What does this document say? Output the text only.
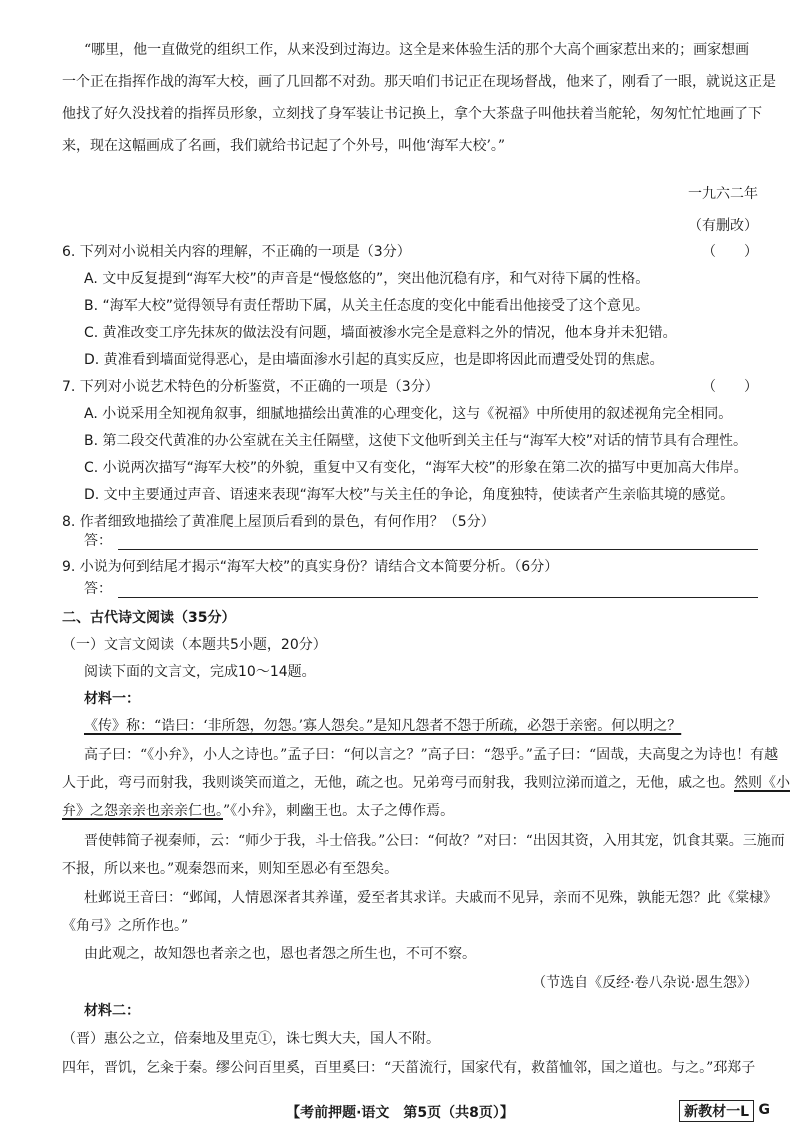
“哪里，他一直做党的组织工作，从来没到过海边。这全是来体验生活的那个大高个画家惹出来的；画家想画

一个正在指挥作战的海军大校，画了几回都不对劲。那天咱们书记正在现场督战，他来了，刚看了一眼，就说这正是

他找了好久没找着的指挥员形象，立刻找了身军装让书记换上，拿个大茶盘子叫他扶着当舵轮，匆匆忙忙地画了下

来，现在这幅画成了名画，我们就给书记起了个外号，叫他‘海军大校’。”

一九六二年

（有删改）

6. 下列对小说相关内容的理解，不正确的一项是（3分）	（　　）

A. 文中反复提到“海军大校”的声音是“慢悠悠的”，突出他沉稳有序，和气对待下属的性格。

B. “海军大校”觉得领导有责任帮助下属，从关主任态度的变化中能看出他接受了这个意见。

C. 黄准改变工序先抹灰的做法没有问题，墙面被渗水完全是意料之外的情况，他本身并未犯错。

D. 黄准看到墙面觉得恶心，是由墙面渗水引起的真实反应，也是即将因此而遭受处罚的焦虑。

7. 下列对小说艺术特色的分析鉴赏，不正确的一项是（3分）	（　　）

A. 小说采用全知视角叙事，细腻地描绘出黄准的心理变化，这与《祝福》中所使用的叙述视角完全相同。

B. 第二段交代黄准的办公室就在关主任隔壁，这使下文他听到关主任与“海军大校”对话的情节具有合理性。

C. 小说两次描写“海军大校”的外貌，重复中又有变化，“海军大校”的形象在第二次的描写中更加高大伟岸。

D. 文中主要通过声音、语速来表现“海军大校”与关主任的争论，角度独特，使读者产生亲临其境的感觉。

8. 作者细致地描绘了黄准爬上屋顶后看到的景色，有何作用？（5分）

答：

9. 小说为何到结尾才揭示“海军大校”的真实身份？请结合文本简要分析。（6分）

答：

二、古代诗文阅读（35分）

（一）文言文阅读（本题共5小题，20分）

阅读下面的文言文，完成10～14题。

材料一：

《传》称：“诰曰：‘非所怨，勿怨。’寡人怨矣。”是知凡怨者不怨于所疏，必怨于亲密。何以明之？

高子曰：“《小弁》，小人之诗也。”孟子曰：“何以言之？”高子曰：“怨乎。”孟子曰：“固哉，夫高叟之为诗也！有越

人于此，弯弓而射我，我则谈笑而道之，无他，疏之也。兄弟弯弓而射我，我则泣涕而道之，无他，戚之也。然则《小

弁》之怨亲亲也亲亲仁也。”《小弁》，刺幽王也。太子之傅作焉。

晋使韩简子视秦师，云：“师少于我，斗士倍我。”公曰：“何故？”对曰：“出因其资，入用其宠，饥食其粟。三施而

不报，所以来也。”观秦怨而来，则知至恩必有至怨矣。

杜邺说王音曰：“邺闻，人情恩深者其养谨，爱至者其求详。夫戚而不见异，亲而不见殊，孰能无怨？此《棠棣》

《角弓》之所作也。”

由此观之，故知怨也者亲之也，恩也者怨之所生也，不可不察。

（节选自《反经·卷八杂说·恩生怨》）

材料二：

（晋）惠公之立，倍秦地及里克①，诛七舆大夫，国人不附。

四年，晋饥，乞籴于秦。缪公问百里奚，百里奚曰：“天菑流行，国家代有，救菑恤邻，国之道也。与之。”邳郑子

【考前押题·语文　第5页（共8页）】	新教材一L G
